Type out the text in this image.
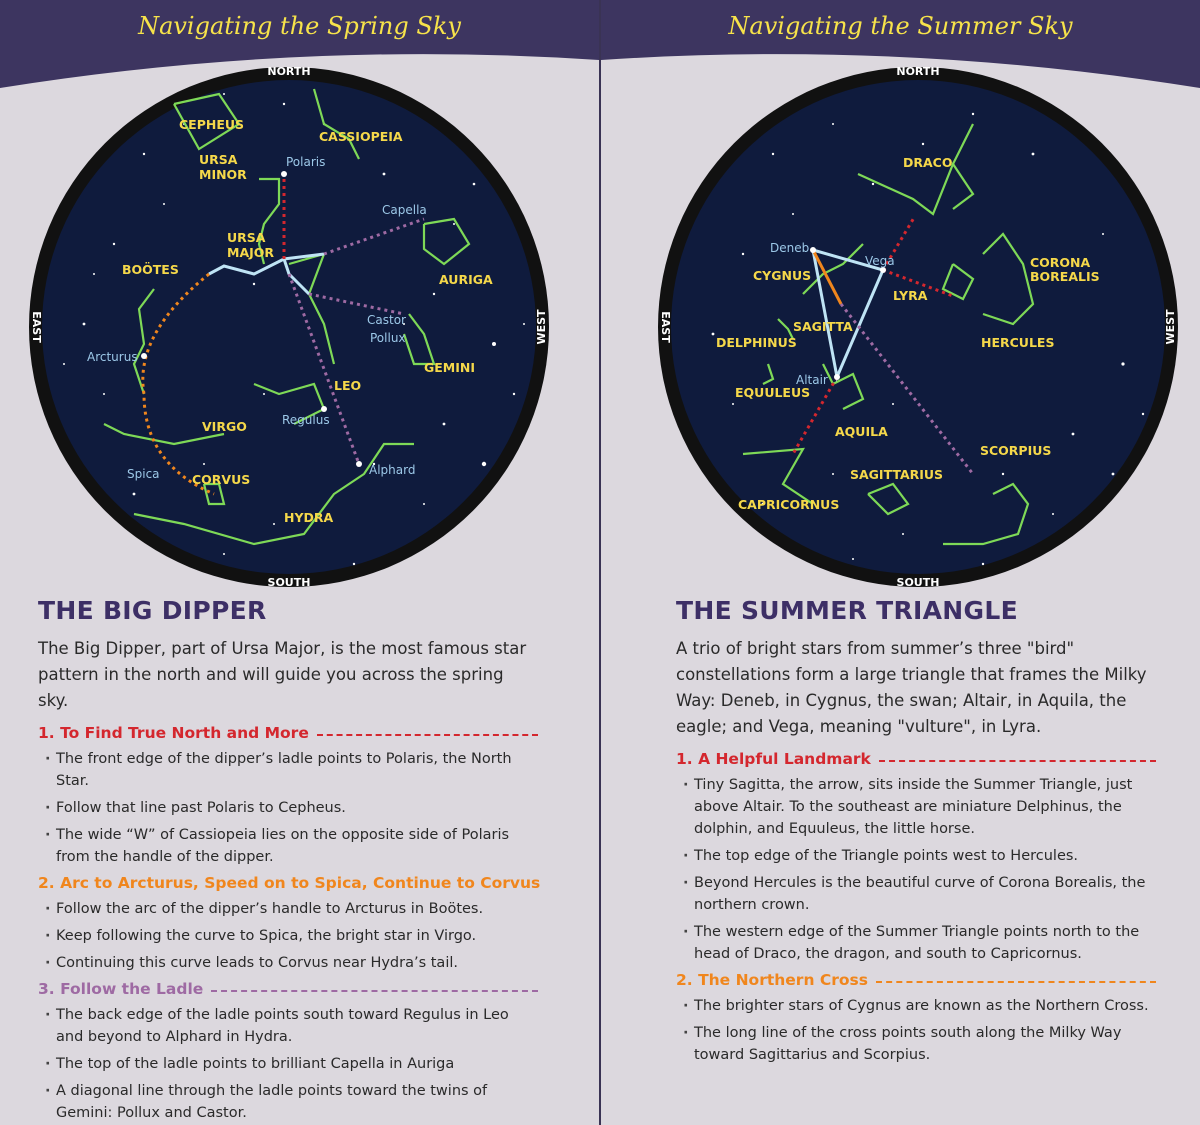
Navigating the Spring Sky
CEPHEUS
CASSIOPEIA
URSA
MINOR
URSA
MAJOR
BOÖTES
AURIGA
GEMINI
LEO
VIRGO
CORVUS
HYDRA
Polaris
Capella
Castor
Pollux
Arcturus
Regulus
Spica	Alphard
NORTH
SOUTH
EAST	WEST
THE BIG DIPPER

The Big Dipper, part of Ursa Major, is the most famous star pattern in the north and will guide you across the spring sky.

1. To Find True North and More
· The front edge of the dipper’s ladle points to Polaris, the North Star.
· Follow that line past Polaris to Cepheus.
· The wide “W” of Cassiopeia lies on the opposite side of Polaris from the handle of the dipper.
2. Arc to Arcturus, Speed on to Spica, Continue to Corvus
· Follow the arc of the dipper’s handle to Arcturus in Boötes.
· Keep following the curve to Spica, the bright star in Virgo.
· Continuing this curve leads to Corvus near Hydra’s tail.
3. Follow the Ladle
· The back edge of the ladle points south toward Regulus in Leo and beyond to Alphard in Hydra.
· The top of the ladle points to brilliant Capella in Auriga
· A diagonal line through the ladle points toward the twins of Gemini: Pollux and Castor.
Navigating the Summer Sky
DRACO
CYGNUS
LYRA
CORONA
BOREALIS
SAGITTA
DELPHINUS	HERCULES
EQUULEUS
AQUILA
SCORPIUS
SAGITTARIUS
CAPRICORNUS
Deneb
Vega
Altair
NORTH
SOUTH
EAST	WEST
THE SUMMER TRIANGLE

A trio of bright stars from summer’s three "bird" constellations form a large triangle that frames the Milky Way: Deneb, in Cygnus, the swan; Altair, in Aquila, the eagle; and Vega, meaning "vulture", in Lyra.

1. A Helpful Landmark
· Tiny Sagitta, the arrow, sits inside the Summer Triangle, just above Altair. To the southeast are miniature Delphinus, the dolphin, and Equuleus, the little horse.
· The top edge of the Triangle points west to Hercules.
· Beyond Hercules is the beautiful curve of Corona Borealis, the northern crown.
· The western edge of the Summer Triangle points north to the head of Draco, the dragon, and south to Capricornus.
2. The Northern Cross
· The brighter stars of Cygnus are known as the Northern Cross.
· The long line of the cross points south along the Milky Way toward Sagittarius and Scorpius.
